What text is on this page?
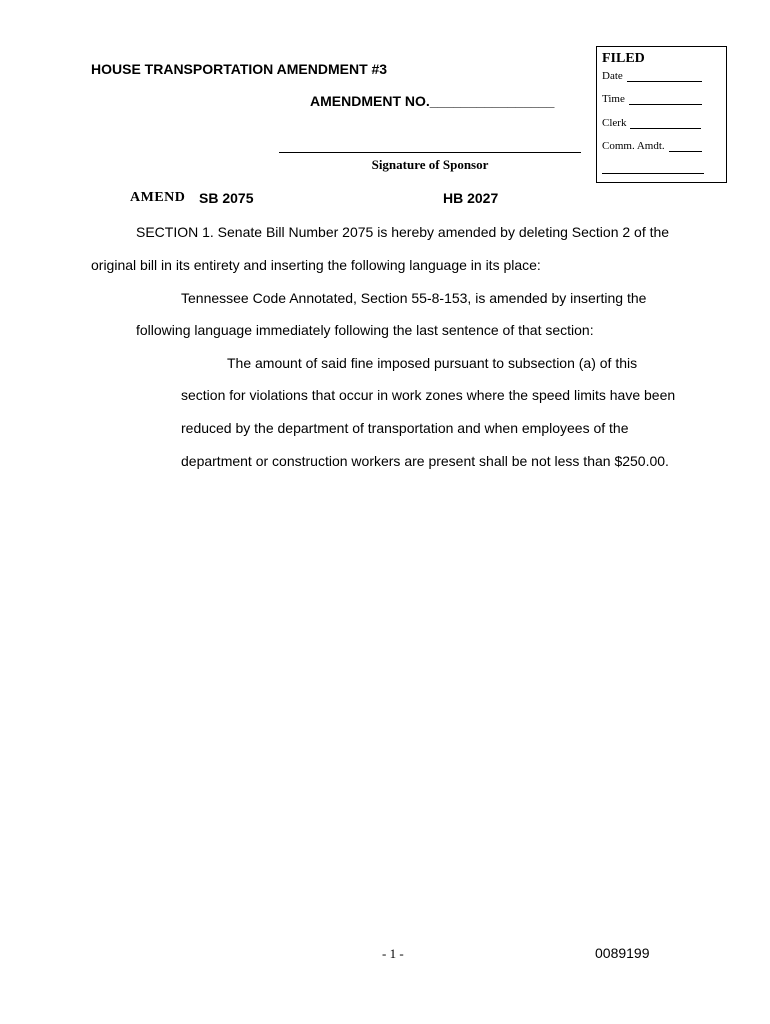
HOUSE TRANSPORTATION AMENDMENT #3
AMENDMENT NO.________________
Signature of Sponsor
FILED
Date
Time
Clerk
Comm. Amdt.
AMEND SB 2075	HB 2027
SECTION 1. Senate Bill Number 2075 is hereby amended by deleting Section 2 of the
original bill in its entirety and inserting the following language in its place:
Tennessee Code Annotated, Section 55-8-153, is amended by inserting the
following language immediately following the last sentence of that section:
The amount of said fine imposed pursuant to subsection (a) of this
section for violations that occur in work zones where the speed limits have been
reduced by the department of transportation and when employees of the
department or construction workers are present shall be not less than $250.00.
- 1 -	0089199
